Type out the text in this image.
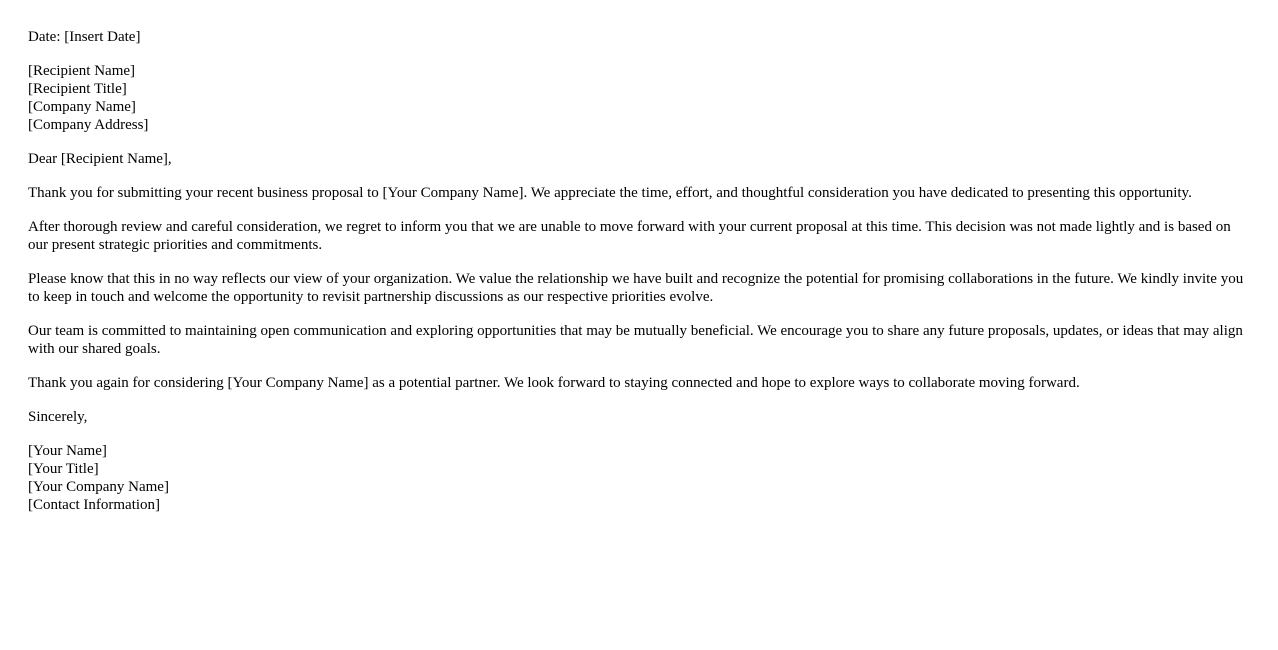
Date: [Insert Date]
[Recipient Name]
[Recipient Title]
[Company Name]
[Company Address]
Dear [Recipient Name],

Thank you for submitting your recent business proposal to [Your Company Name]. We appreciate the time, effort, and thoughtful consideration you have dedicated to presenting this opportunity.

After thorough review and careful consideration, we regret to inform you that we are unable to move forward with your current proposal at this time. This decision was not made lightly and is based on our present strategic priorities and commitments.

Please know that this in no way reflects our view of your organization. We value the relationship we have built and recognize the potential for promising collaborations in the future. We kindly invite you to keep in touch and welcome the opportunity to revisit partnership discussions as our respective priorities evolve.

Our team is committed to maintaining open communication and exploring opportunities that may be mutually beneficial. We encourage you to share any future proposals, updates, or ideas that may align with our shared goals.

Thank you again for considering [Your Company Name] as a potential partner. We look forward to staying connected and hope to explore ways to collaborate moving forward.

Sincerely,
[Your Name]
[Your Title]
[Your Company Name]
[Contact Information]
